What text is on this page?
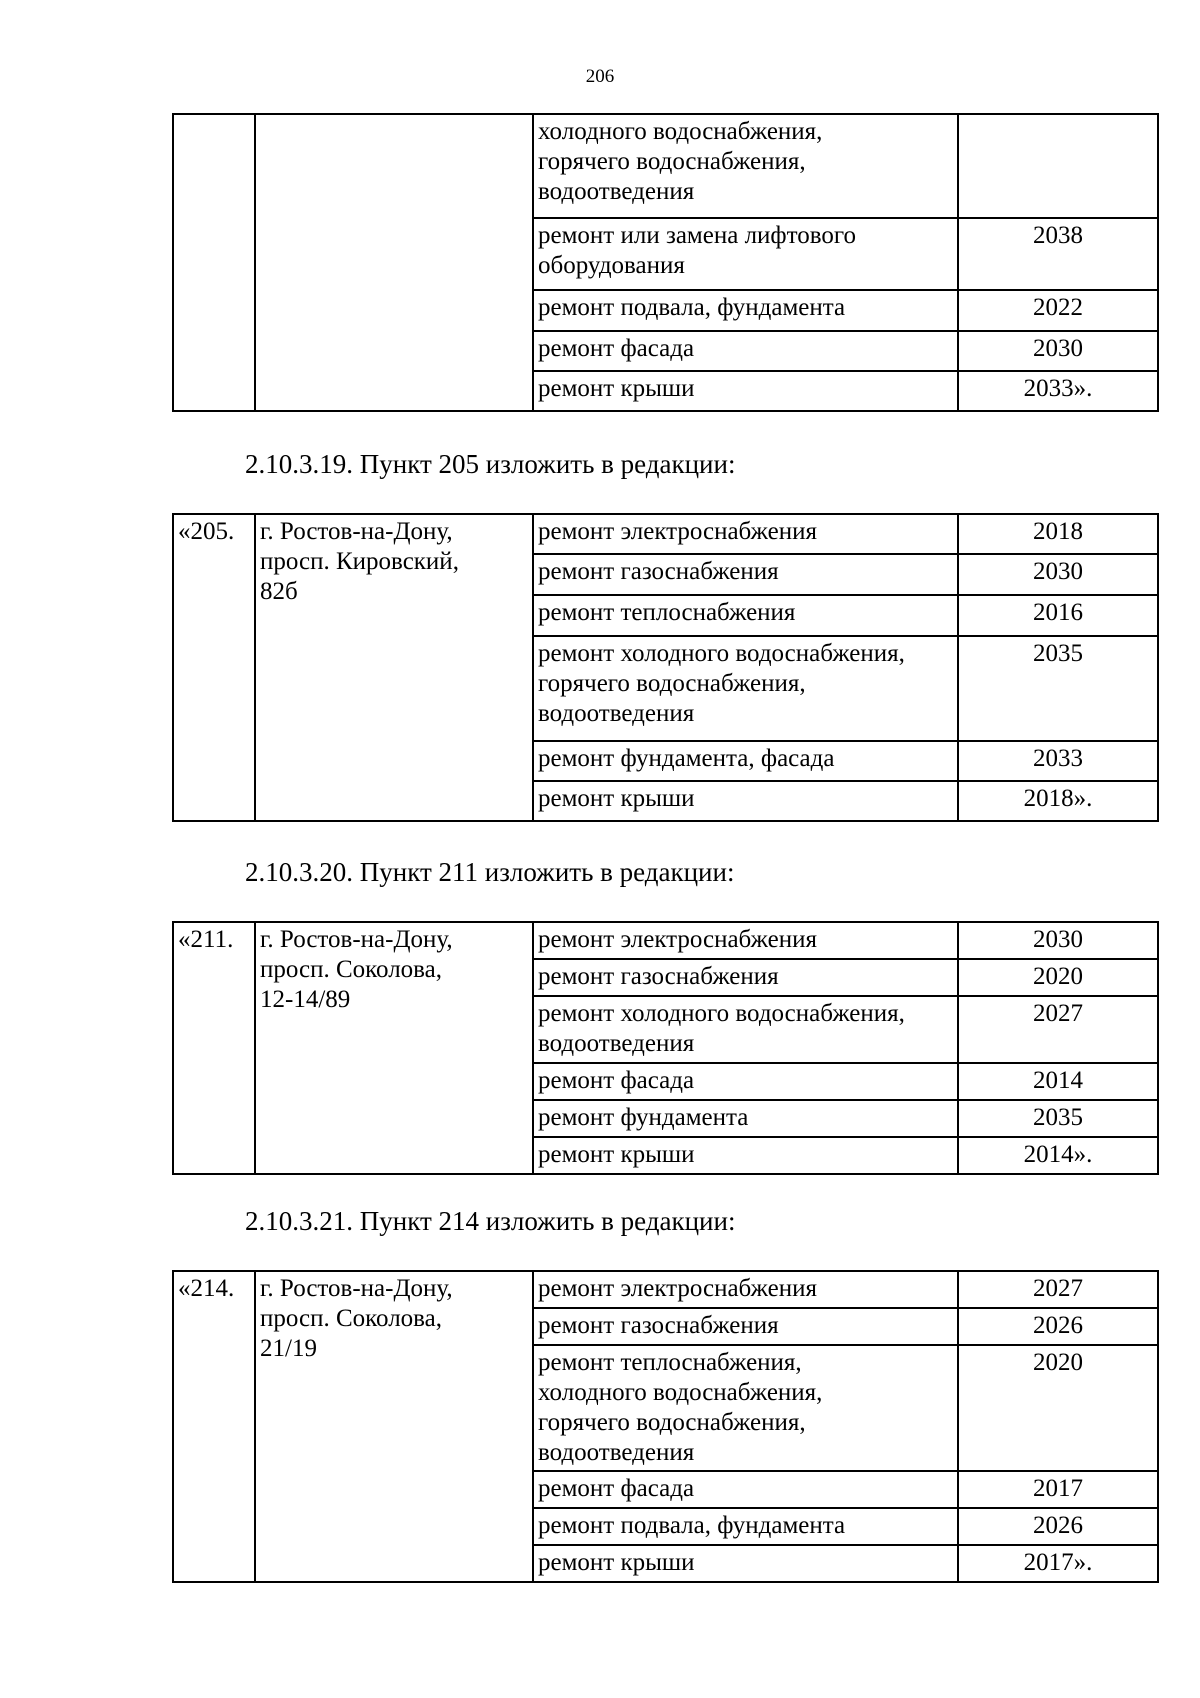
206
2.10.3.19. Пункт 205 изложить в редакции:
2.10.3.20. Пункт 211 изложить в редакции:
2.10.3.21. Пункт 214 изложить в редакции:

		холодного водоснабжения, горячего водоснабжения, водоотведения	

		ремонт или замена лифтового оборудования	2038
		ремонт подвала, фундамента	2022
		ремонт фасада	2030
		ремонт крыши	2033».
«205.	г. Ростов-на-Дону,
просп. Кировский,
82б	ремонт электроснабжения	2018
		ремонт газоснабжения	2030
		ремонт теплоснабжения	2016

		ремонт холодного водоснабжения, горячего водоснабжения, водоотведения	2035
		ремонт фундамента, фасада	2033
		ремонт крыши	2018».
«211.	г. Ростов-на-Дону,
просп. Соколова,
12-14/89	ремонт электроснабжения	2030
		ремонт газоснабжения	2020

		ремонт холодного водоснабжения, водоотведения	2027
		ремонт фасада	2014
		ремонт фундамента	2035
		ремонт крыши	2014».
«214.	г. Ростов-на-Дону,
просп. Соколова,
21/19	ремонт электроснабжения	2027
		ремонт газоснабжения	2026

		ремонт теплоснабжения, холодного водоснабжения, горячего водоснабжения, водоотведения	2020
		ремонт фасада	2017
		ремонт подвала, фундамента	2026
		ремонт крыши	2017».
